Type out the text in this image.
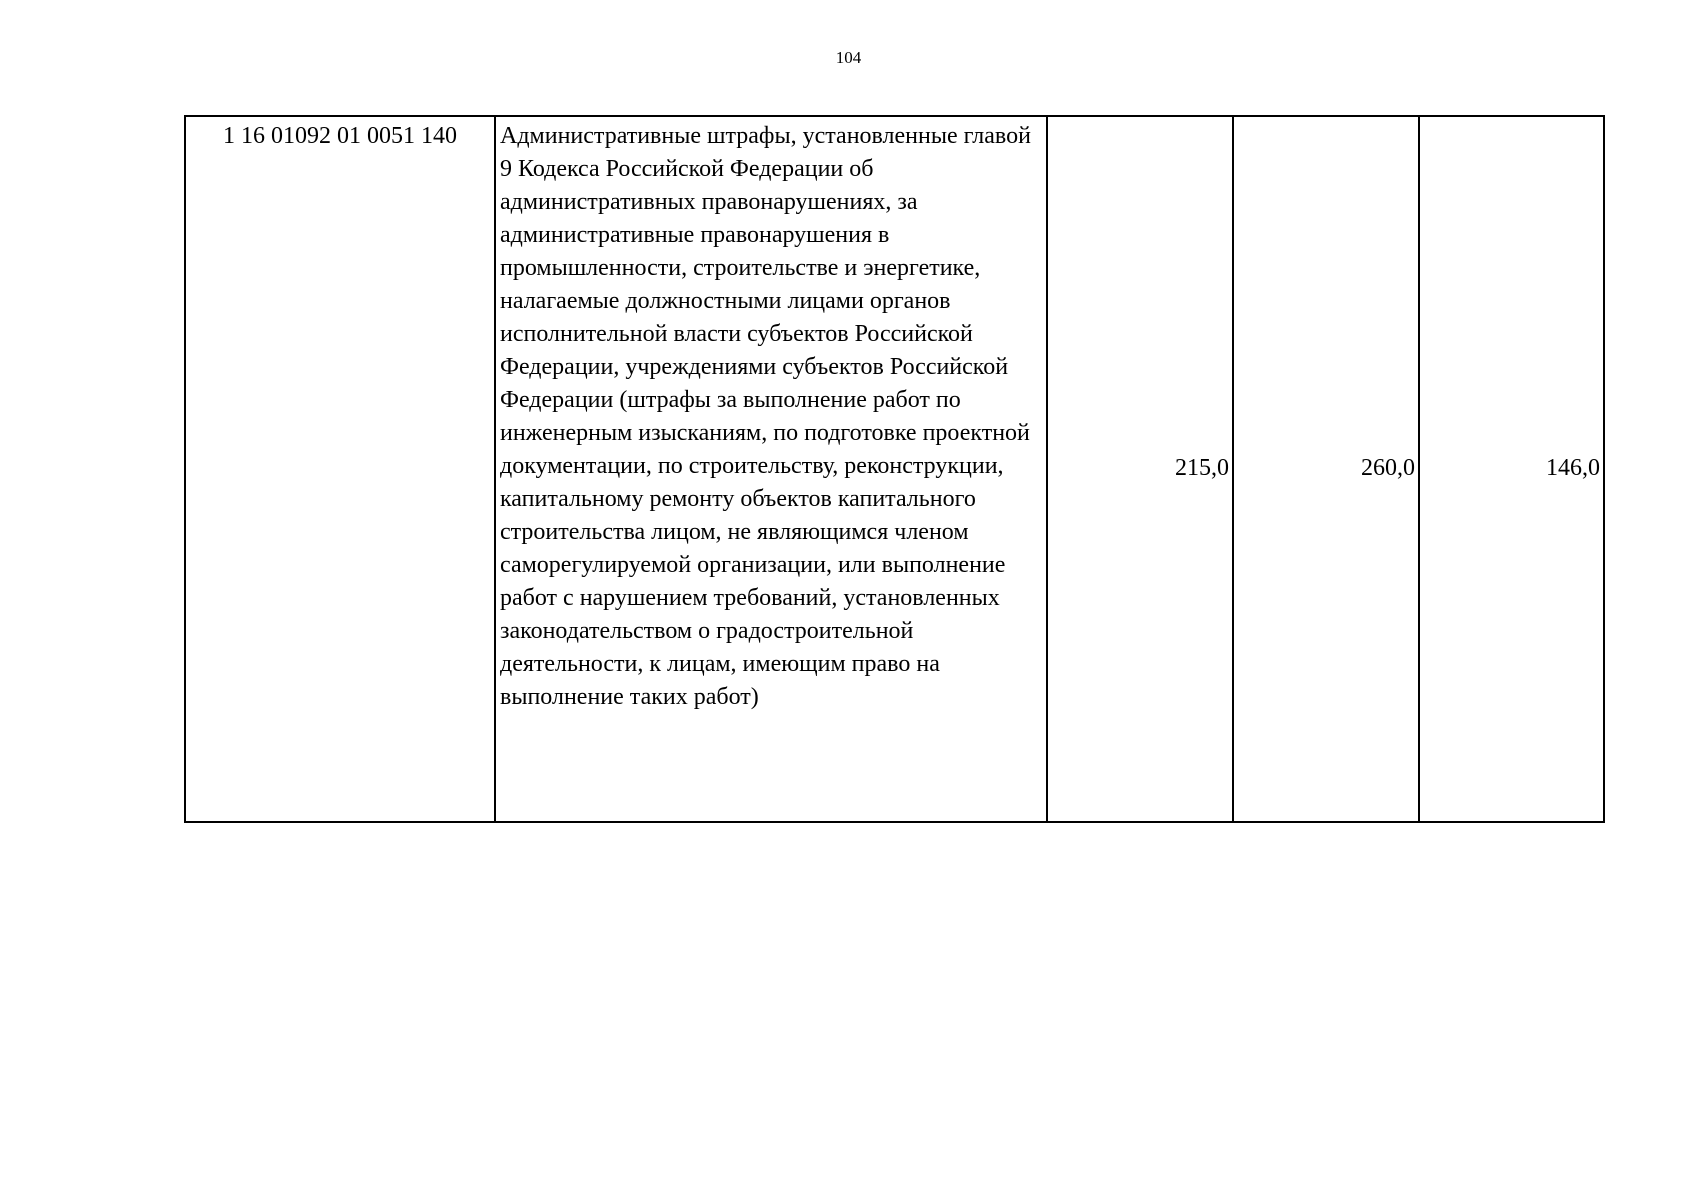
104
1 16 01092 01 0051 140	Административные штрафы, установленные главой 9 Кодекса Российской Федерации об административных правонарушениях, за административные правонарушения в промышленности, строительстве и энергетике, налагаемые должностными лицами органов исполнительной власти субъектов Российской Федерации, учреждениями субъектов Российской Федерации (штрафы за выполнение работ по инженерным изысканиям, по подготовке проектной документации, по строительству, реконструкции, капитальному ремонту объектов капитального строительства лицом, не являющимся членом саморегулируемой организации, или выполнение работ с нарушением требований, установленных законодательством о градостроительной деятельности, к лицам, имеющим право на выполнение таких работ)	215,0	260,0	146,0
